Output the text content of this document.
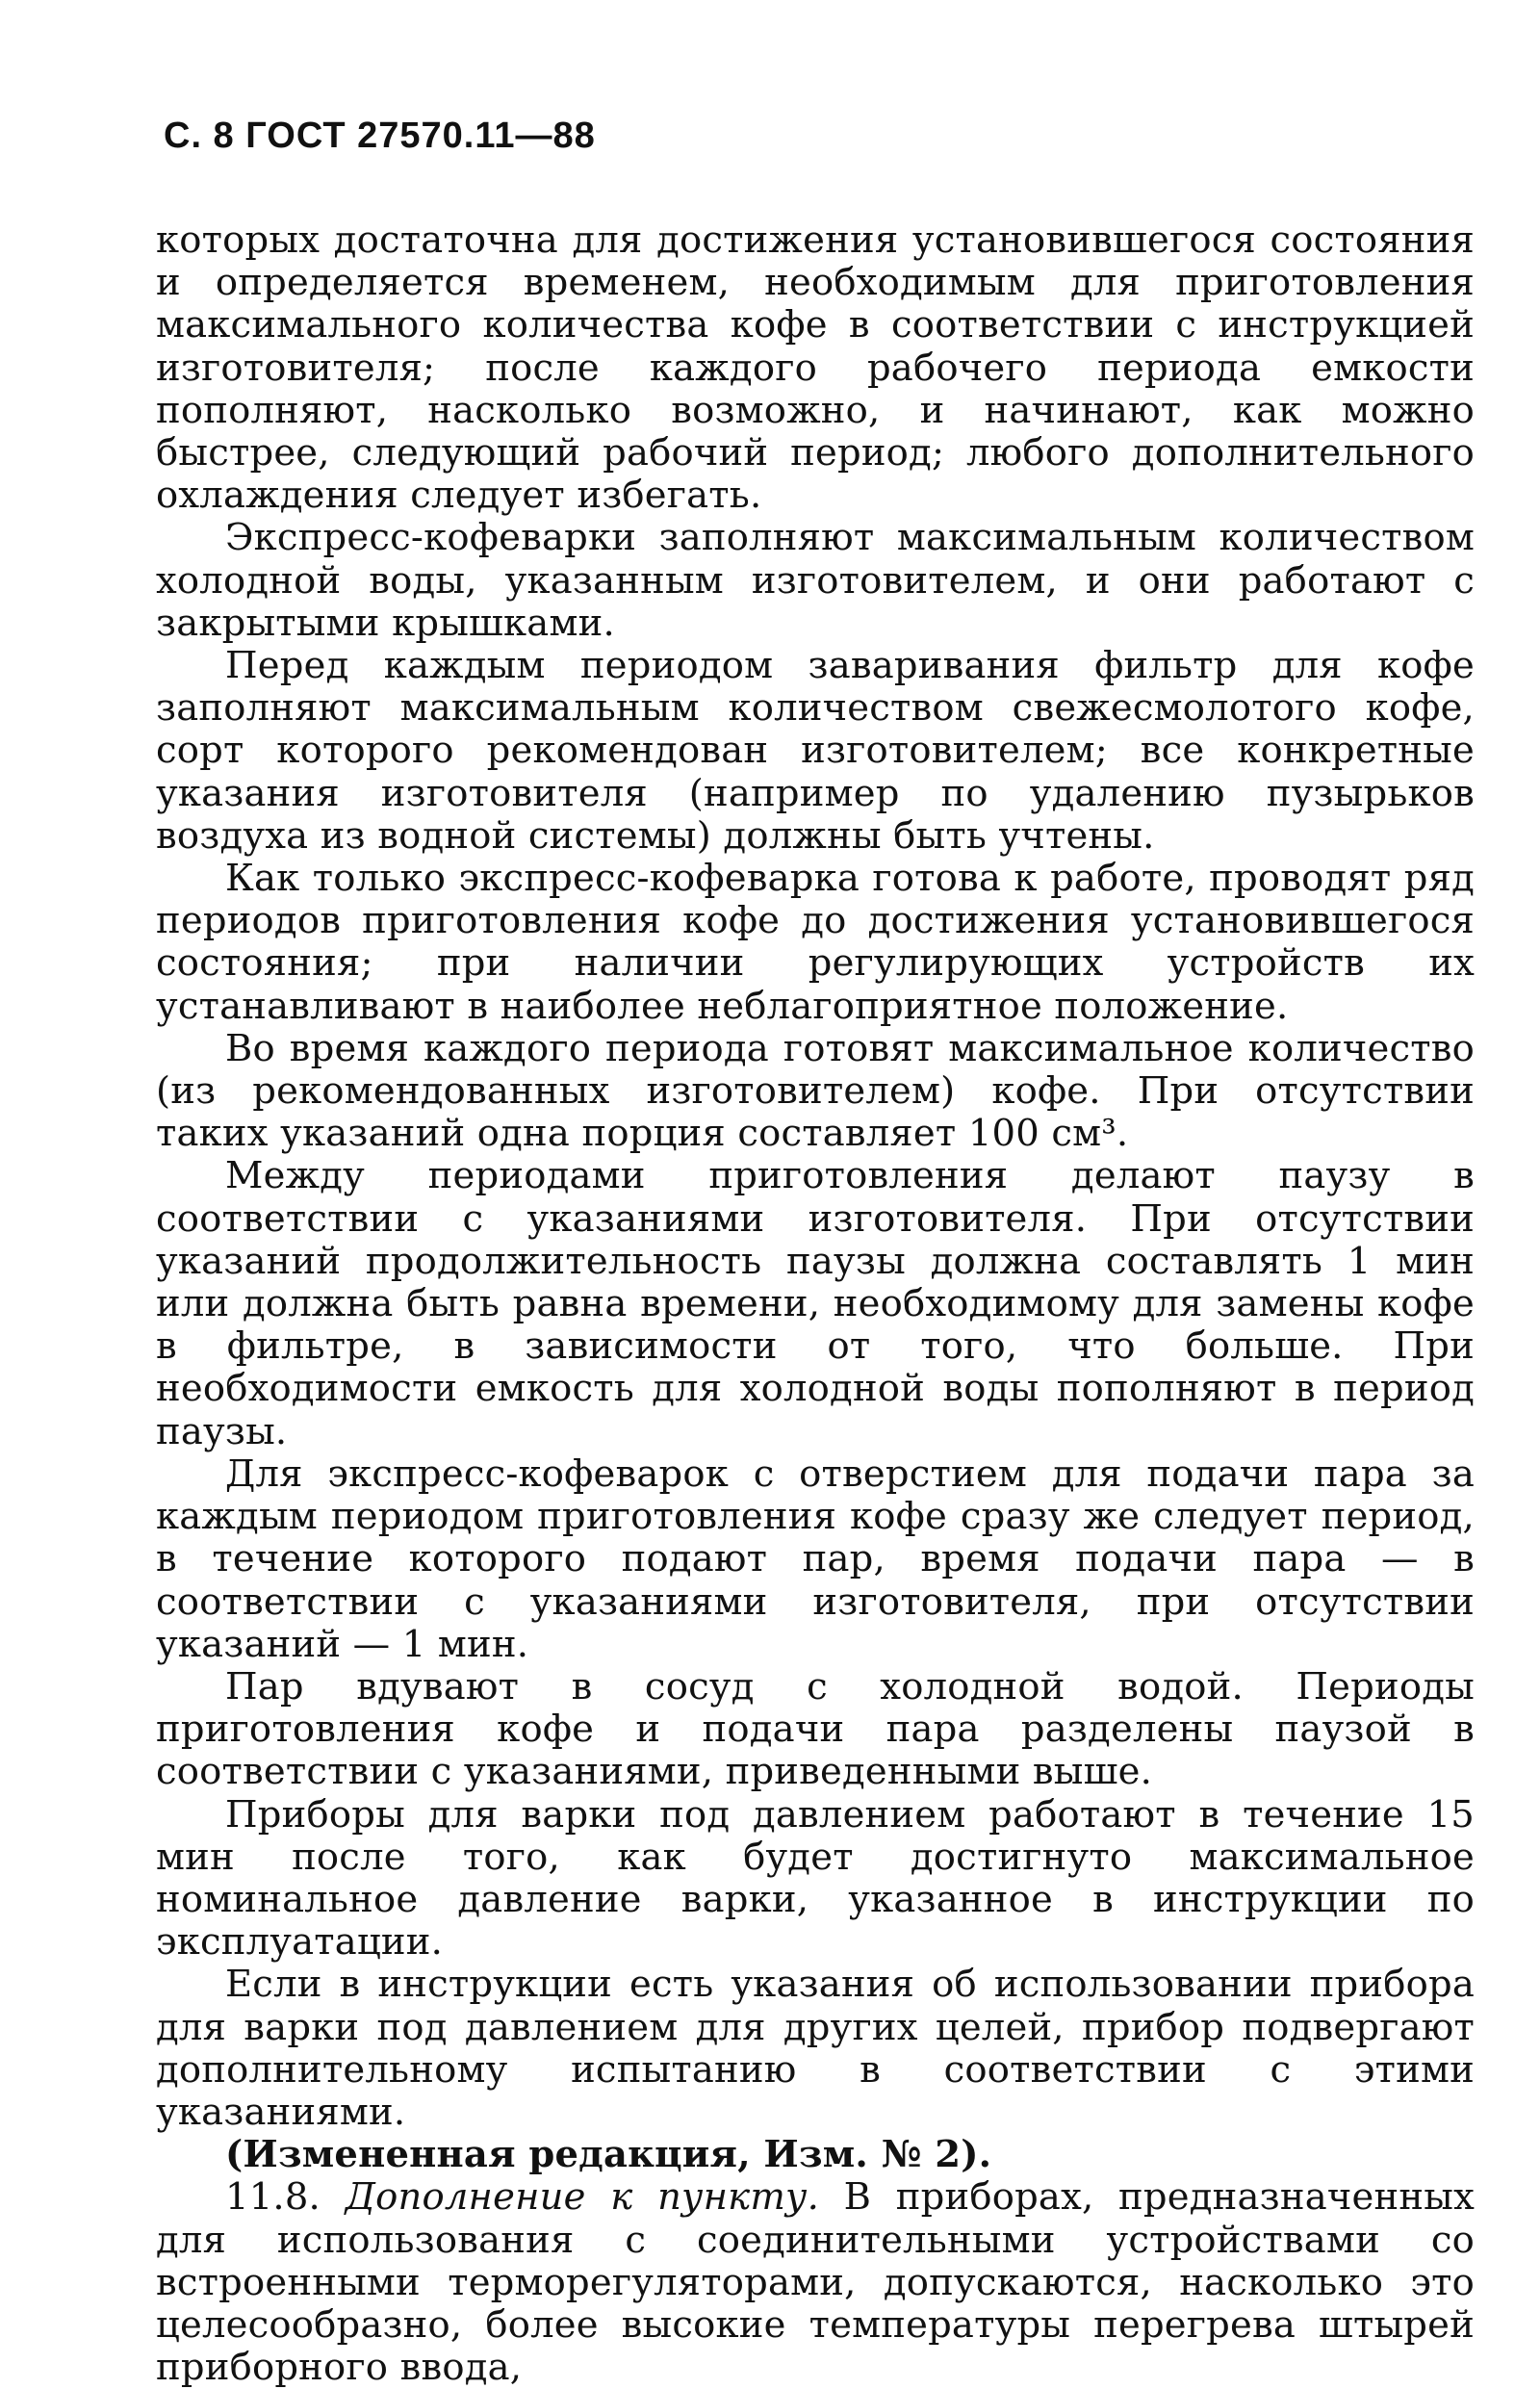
С. 8 ГОСТ 27570.11—88

которых достаточна для достижения установившегося состояния и определяется временем, необходимым для приготовления максимального количества кофе в соответствии с инструкцией изготовителя; после каждого рабочего периода емкости пополняют, насколько возможно, и начинают, как можно быстрее, следующий рабочий период; любого дополнительного охлаждения следует избегать.

Экспресс-кофеварки заполняют максимальным количеством холодной воды, указанным изготовителем, и они работают с закрытыми крышками.

Перед каждым периодом заваривания фильтр для кофе заполняют максимальным количеством свежесмолотого кофе, сорт которого рекомендован изготовителем; все конкретные указания изготовителя (например по удалению пузырьков воздуха из водной системы) должны быть учтены.

Как только экспресс-кофеварка готова к работе, проводят ряд периодов приготовления кофе до достижения установившегося состояния; при наличии регулирующих устройств их устанавливают в наиболее неблагоприятное положение.

Во время каждого периода готовят максимальное количество (из рекомендованных изготовителем) кофе. При отсутствии таких указаний одна порция составляет 100 см³.

Между периодами приготовления делают паузу в соответствии с указаниями изготовителя. При отсутствии указаний продолжительность паузы должна составлять 1 мин или должна быть равна времени, необходимому для замены кофе в фильтре, в зависимости от того, что больше. При необходимости емкость для холодной воды пополняют в период паузы.

Для экспресс-кофеварок с отверстием для подачи пара за каждым периодом приготовления кофе сразу же следует период, в течение которого подают пар, время подачи пара — в соответствии с указаниями изготовителя, при отсутствии указаний — 1 мин.

Пар вдувают в сосуд с холодной водой. Периоды приготовления кофе и подачи пара разделены паузой в соответствии с указаниями, приведенными выше.

Приборы для варки под давлением работают в течение 15 мин после того, как будет достигнуто максимальное номинальное давление варки, указанное в инструкции по эксплуатации.

Если в инструкции есть указания об использовании прибора для варки под давлением для других целей, прибор подвергают дополнительному испытанию в соответствии с этими указаниями.

(Измененная редакция, Изм. № 2).

11.8. Дополнение к пункту. В приборах, предназначенных для использования с соединительными устройствами со встроенными терморегуляторами, допускаются, насколько это целесообразно, более высокие температуры перегрева штырей приборного ввода,
